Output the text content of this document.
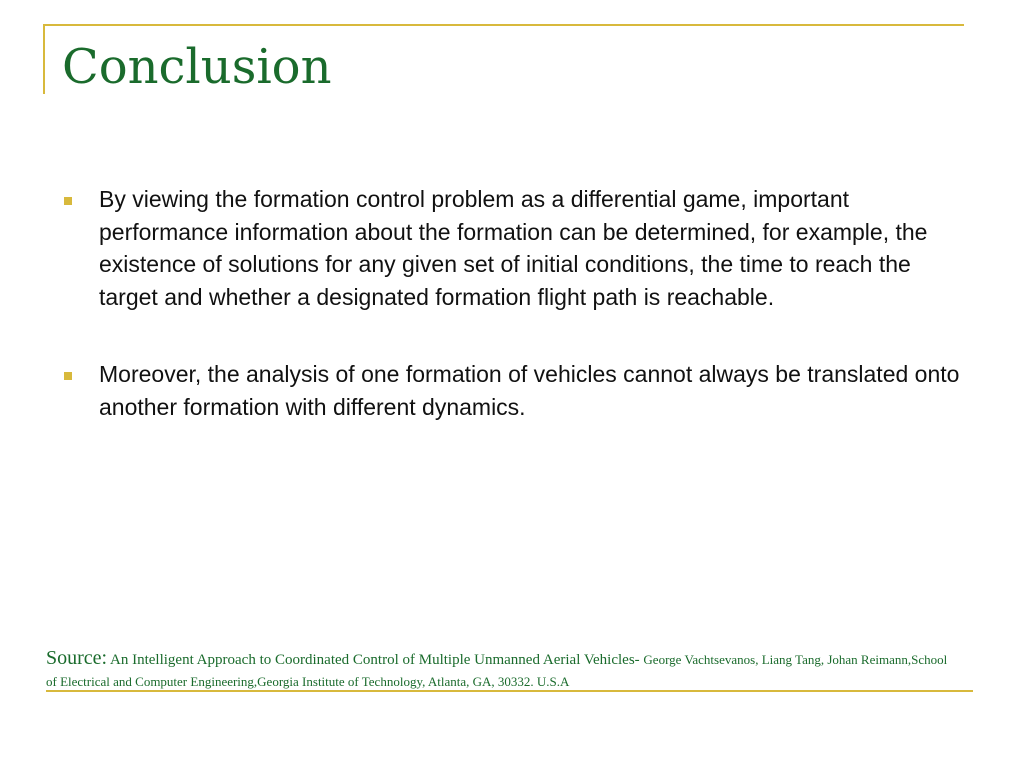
Conclusion
By viewing the formation control problem as a differential game, important performance information about the formation can be determined, for example, the existence of solutions for any given set of initial conditions, the time to reach the target and whether a designated formation flight path is reachable.
Moreover, the analysis of one formation of vehicles cannot always be translated onto another formation with different dynamics.

Source: An Intelligent Approach to Coordinated Control of Multiple Unmanned Aerial Vehicles- George Vachtsevanos, Liang Tang, Johan Reimann,School of Electrical and Computer Engineering,Georgia Institute of Technology, Atlanta, GA, 30332. U.S.A
